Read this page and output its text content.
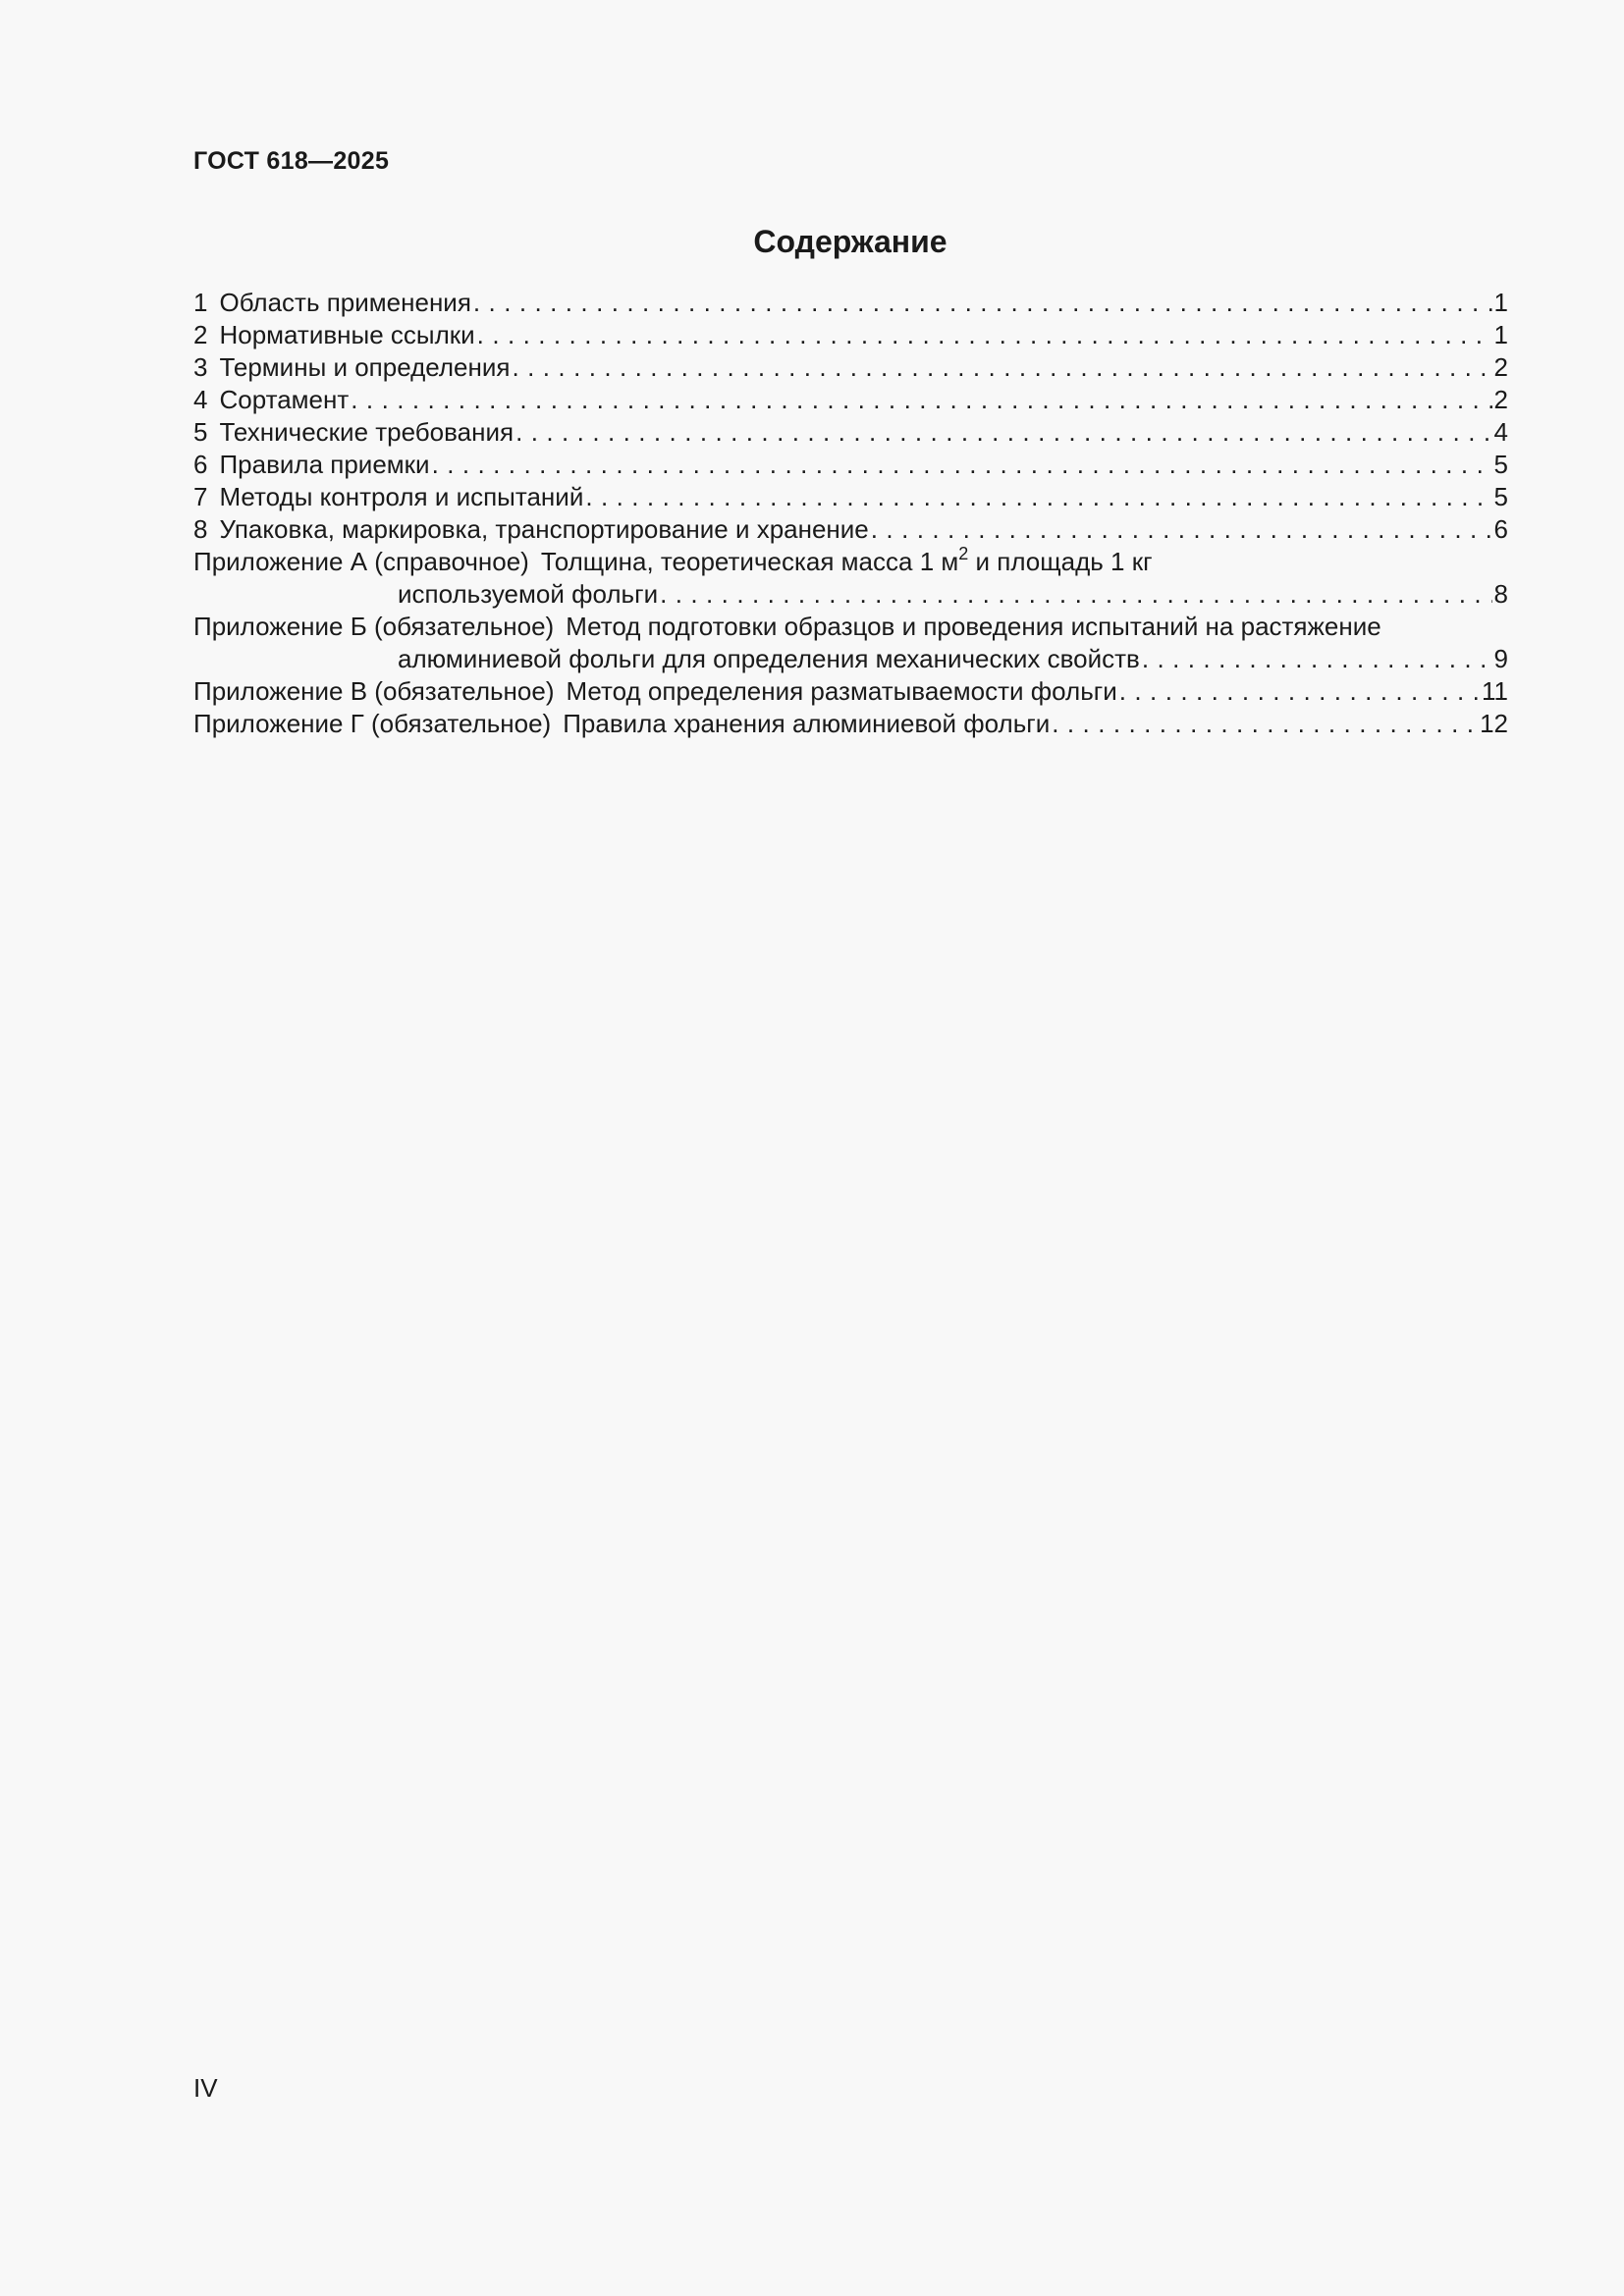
ГОСТ 618—2025
Содержание
1 Область применения . . .	1
2 Нормативные ссылки . . .	1
3 Термины и определения . . .	2
4 Сортамент . . .	2
5 Технические требования . . .	4
6 Правила приемки . . .	5
7 Методы контроля и испытаний . . .	5
8 Упаковка, маркировка, транспортирование и хранение . . .	6
Приложение А (справочное) Толщина, теоретическая масса 1 $м^2$ и площадь 1 кг
используемой фольги . . .	8
Приложение Б (обязательное) Метод подготовки образцов и проведения испытаний на растяжение
алюминиевой фольги для определения механических свойств . . .	9
Приложение В (обязательное) Метод определения разматываемости фольги . . .	11
Приложение Г (обязательное) Правила хранения алюминиевой фольги . . .	12
IV
